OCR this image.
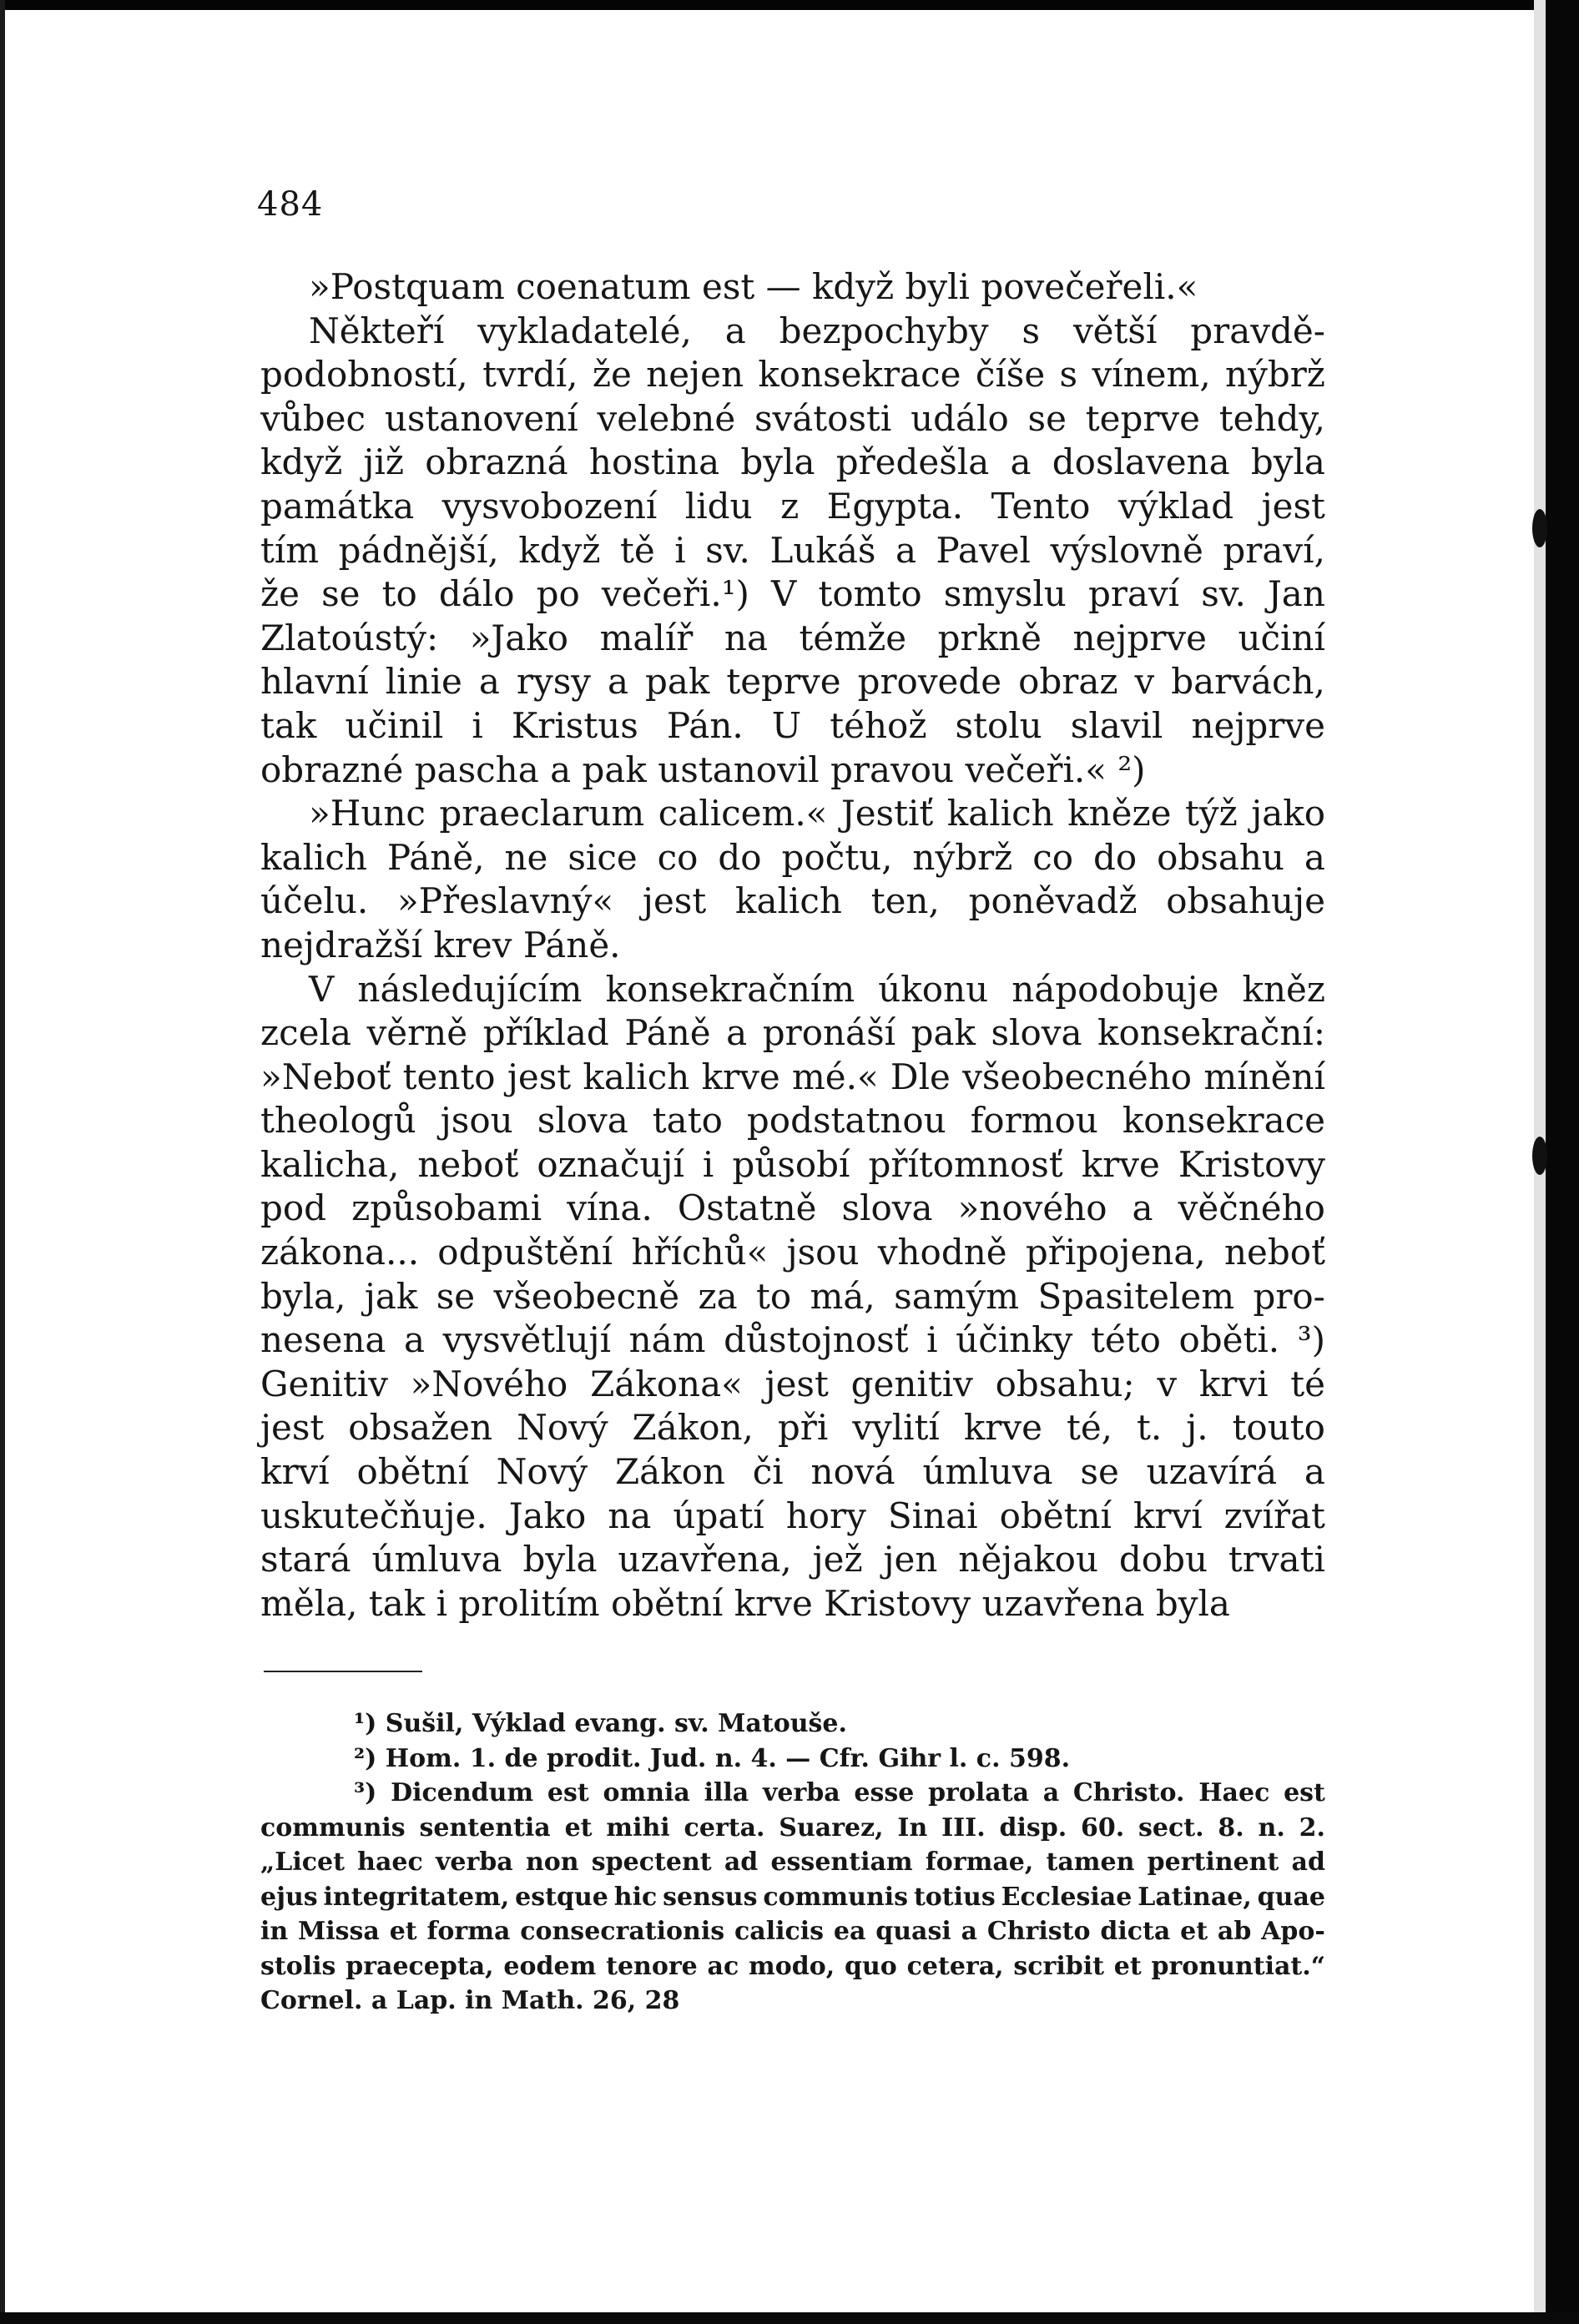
484
»Postquam coenatum est — když byli povečeřeli.«
Někteří vykladatelé, a bezpochyby s větší pravdě-
podobností, tvrdí, že nejen konsekrace číše s vínem, nýbrž
vůbec ustanovení velebné svátosti událo se teprve tehdy,
když již obrazná hostina byla předešla a doslavena byla
památka vysvobození lidu z Egypta. Tento výklad jest
tím pádnější, když tě i sv. Lukáš a Pavel výslovně praví,
že se to dálo po večeři.¹) V tomto smyslu praví sv. Jan
Zlatoústý: »Jako malíř na témže prkně nejprve učiní
hlavní linie a rysy a pak teprve provede obraz v barvách,
tak učinil i Kristus Pán. U téhož stolu slavil nejprve
obrazné pascha a pak ustanovil pravou večeři.« ²)
»Hunc praeclarum calicem.« Jestiť kalich kněze týž jako
kalich Páně, ne sice co do počtu, nýbrž co do obsahu a
účelu. »Přeslavný« jest kalich ten, poněvadž obsahuje
nejdražší krev Páně.
V následujícím konsekračním úkonu nápodobuje kněz
zcela věrně příklad Páně a pronáší pak slova konsekrační:
»Neboť tento jest kalich krve mé.« Dle všeobecného mínění
theologů jsou slova tato podstatnou formou konsekrace
kalicha, neboť označují i působí přítomnosť krve Kristovy
pod způsobami vína. Ostatně slova »nového a věčného
zákona... odpuštění hříchů« jsou vhodně připojena, neboť
byla, jak se všeobecně za to má, samým Spasitelem pro-
nesena a vysvětlují nám důstojnosť i účinky této oběti. ³)
Genitiv »Nového Zákona« jest genitiv obsahu; v krvi té
jest obsažen Nový Zákon, při vylití krve té, t. j. touto
krví obětní Nový Zákon či nová úmluva se uzavírá a
uskutečňuje. Jako na úpatí hory Sinai obětní krví zvířat
stará úmluva byla uzavřena, jež jen nějakou dobu trvati
měla, tak i prolitím obětní krve Kristovy uzavřena byla
¹) Sušil, Výklad evang. sv. Matouše.
²) Hom. 1. de prodit. Jud. n. 4. — Cfr. Gihr l. c. 598.
³) Dicendum est omnia illa verba esse prolata a Christo. Haec est
communis sententia et mihi certa. Suarez, In III. disp. 60. sect. 8. n. 2.
„Licet haec verba non spectent ad essentiam formae, tamen pertinent ad
ejus integritatem, estque hic sensus communis totius Ecclesiae Latinae, quae
in Missa et forma consecrationis calicis ea quasi a Christo dicta et ab Apo-
stolis praecepta, eodem tenore ac modo, quo cetera, scribit et pronuntiat.“
Cornel. a Lap. in Math. 26, 28
